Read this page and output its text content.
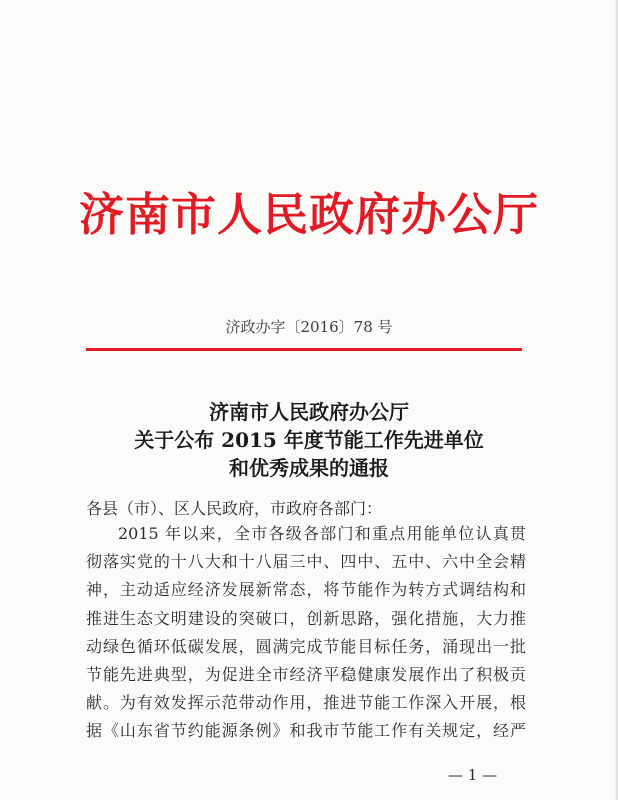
济南市人民政府办公厅
济政办字〔2016〕78 号
济南市人民政府办公厅
关于公布 2015 年度节能工作先进单位
和优秀成果的通报
各县（市）、区人民政府，市政府各部门：
2015 年以来，全市各级各部门和重点用能单位认真贯
彻落实党的十八大和十八届三中、四中、五中、六中全会精
神，主动适应经济发展新常态，将节能作为转方式调结构和
推进生态文明建设的突破口，创新思路，强化措施，大力推
动绿色循环低碳发展，圆满完成节能目标任务，涌现出一批
节能先进典型，为促进全市经济平稳健康发展作出了积极贡
献。为有效发挥示范带动作用，推进节能工作深入开展，根
据《山东省节约能源条例》和我市节能工作有关规定，经严
— 1 —
